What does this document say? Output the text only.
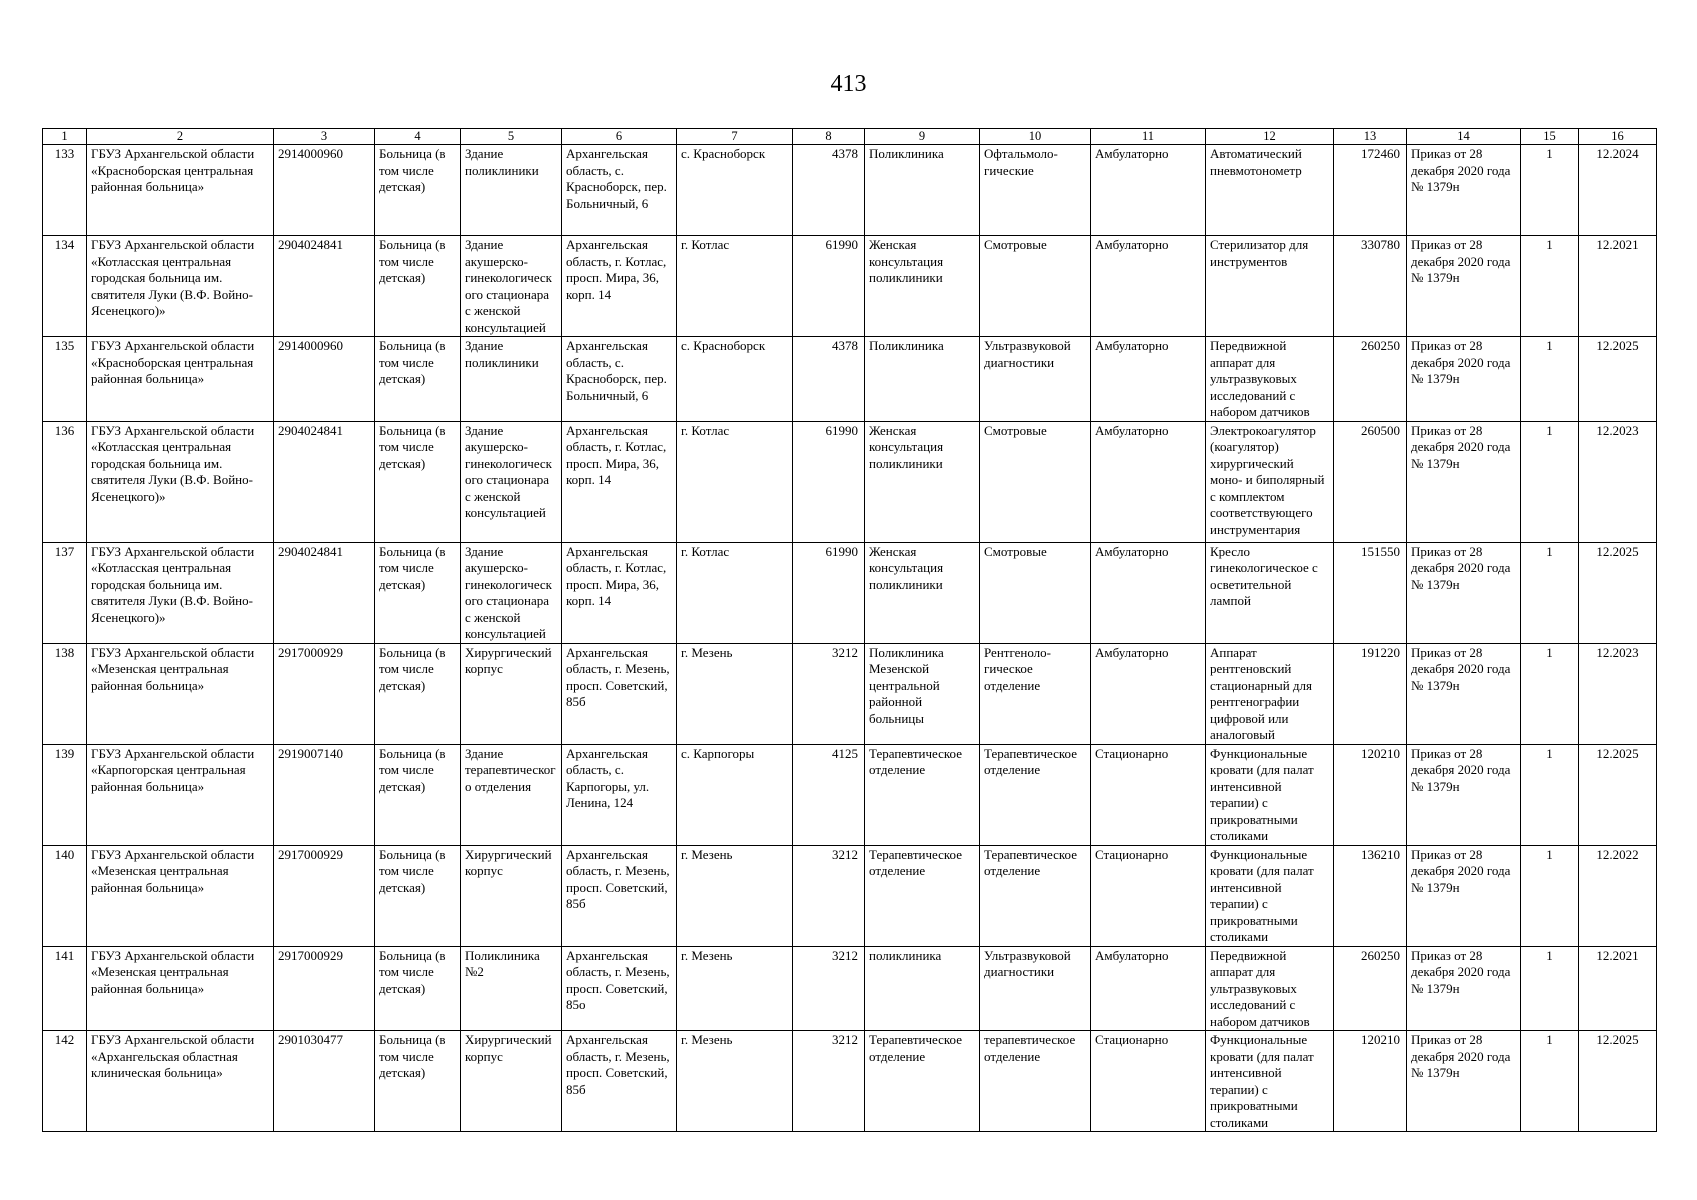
413
1	2	3	4	5	6	7	8	9	10	11	12	13	14	15	16
133	ГБУЗ Архангельской области «Красноборская центральная районная больница»	2914000960	Больница (в том числе детская)	Здание поликлиники	Архангельская область, с. Красноборск, пер. Больничный, 6	с. Красноборск	4378	Поликлиника	Офтальмоло-гические	Амбулаторно	Автоматический пневмотонометр	172460	Приказ от 28 декабря 2020 года № 1379н	1	12.2024
134	ГБУЗ Архангельской области «Котласская центральная городская больница им. святителя Луки (В.Ф. Войно-Ясенецкого)»	2904024841	Больница (в том числе детская)	Здание акушерско-гинекологического стационара с женской консультацией	Архангельская область, г. Котлас, просп. Мира, 36, корп. 14	г. Котлас	61990	Женская консультация поликлиники	Смотровые	Амбулаторно	Стерилизатор для инструментов	330780	Приказ от 28 декабря 2020 года № 1379н	1	12.2021
135	ГБУЗ Архангельской области «Красноборская центральная районная больница»	2914000960	Больница (в том числе детская)	Здание поликлиники	Архангельская область, с. Красноборск, пер. Больничный, 6	с. Красноборск	4378	Поликлиника	Ультразвуковой диагностики	Амбулаторно	Передвижной аппарат для ультразвуковых исследований с набором датчиков	260250	Приказ от 28 декабря 2020 года № 1379н	1	12.2025
136	ГБУЗ Архангельской области «Котласская центральная городская больница им. святителя Луки (В.Ф. Войно-Ясенецкого)»	2904024841	Больница (в том числе детская)	Здание акушерско-гинекологического стационара с женской консультацией	Архангельская область, г. Котлас, просп. Мира, 36, корп. 14	г. Котлас	61990	Женская консультация поликлиники	Смотровые	Амбулаторно	Электрокоагулятор (коагулятор) хирургический моно- и биполярный с комплектом соответствующего инструментария	260500	Приказ от 28 декабря 2020 года № 1379н	1	12.2023
137	ГБУЗ Архангельской области «Котласская центральная городская больница им. святителя Луки (В.Ф. Войно-Ясенецкого)»	2904024841	Больница (в том числе детская)	Здание акушерско-гинекологического стационара с женской консультацией	Архангельская область, г. Котлас, просп. Мира, 36, корп. 14	г. Котлас	61990	Женская консультация поликлиники	Смотровые	Амбулаторно	Кресло гинекологическое с осветительной лампой	151550	Приказ от 28 декабря 2020 года № 1379н	1	12.2025
138	ГБУЗ Архангельской области «Мезенская центральная районная больница»	2917000929	Больница (в том числе детская)	Хирургический корпус	Архангельская область, г. Мезень, просп. Советский, 85б	г. Мезень	3212	Поликлиника Мезенской центральной районной больницы	Рентгеноло-гическое отделение	Амбулаторно	Аппарат рентгеновский стационарный для рентгенографии цифровой или аналоговый	191220	Приказ от 28 декабря 2020 года № 1379н	1	12.2023
139	ГБУЗ Архангельской области «Карпогорская центральная районная больница»	2919007140	Больница (в том числе детская)	Здание терапевтического отделения	Архангельская область, с. Карпогоры, ул. Ленина, 124	с. Карпогоры	4125	Терапевтическое отделение	Терапевтическое отделение	Стационарно	Функциональные кровати (для палат интенсивной терапии) с прикроватными столиками	120210	Приказ от 28 декабря 2020 года № 1379н	1	12.2025
140	ГБУЗ Архангельской области «Мезенская центральная районная больница»	2917000929	Больница (в том числе детская)	Хирургический корпус	Архангельская область, г. Мезень, просп. Советский, 85б	г. Мезень	3212	Терапевтическое отделение	Терапевтическое отделение	Стационарно	Функциональные кровати (для палат интенсивной терапии) с прикроватными столиками	136210	Приказ от 28 декабря 2020 года № 1379н	1	12.2022
141	ГБУЗ Архангельской области «Мезенская центральная районная больница»	2917000929	Больница (в том числе детская)	Поликлиника №2	Архангельская область, г. Мезень, просп. Советский, 85о	г. Мезень	3212	поликлиника	Ультразвуковой диагностики	Амбулаторно	Передвижной аппарат для ультразвуковых исследований с набором датчиков	260250	Приказ от 28 декабря 2020 года № 1379н	1	12.2021
142	ГБУЗ Архангельской области «Архангельская областная клиническая больница»	2901030477	Больница (в том числе детская)	Хирургический корпус	Архангельская область, г. Мезень, просп. Советский, 85б	г. Мезень	3212	Терапевтическое отделение	терапевтическое отделение	Стационарно	Функциональные кровати (для палат интенсивной терапии) с прикроватными столиками	120210	Приказ от 28 декабря 2020 года № 1379н	1	12.2025
